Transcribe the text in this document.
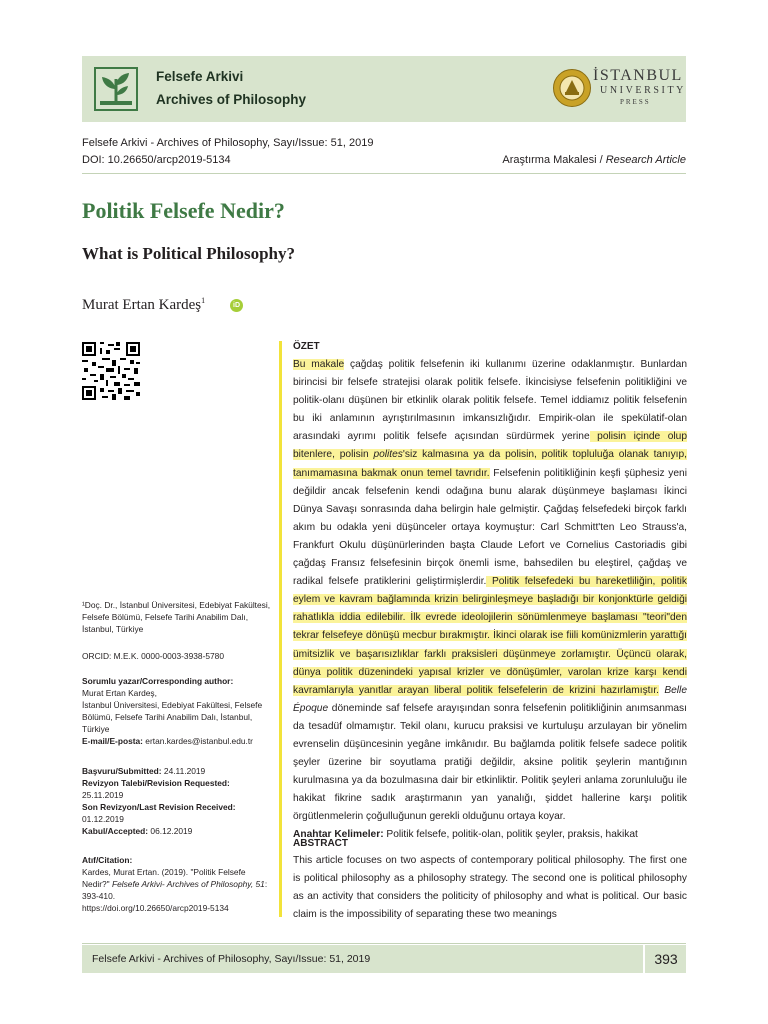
Felsefe Arkivi
Archives of Philosophy
İSTANBUL
UNIVERSITY
PRESS
Felsefe Arkivi - Archives of Philosophy, Sayı/Issue: 51, 2019
DOI: 10.26650/arcp2019-5134	Araştırma Makalesi / Research Article
Politik Felsefe Nedir?
What is Political Philosophy?
Murat Ertan Kardeş$^1$
iD
¹Doç. Dr., İstanbul Üniversitesi, Edebiyat Fakültesi, Felsefe Bölümü, Felsefe Tarihi Anabilim Dalı, İstanbul, Türkiye
ORCID: M.E.K. 0000-0003-3938-5780

Sorumlu yazar/Corresponding author:

Murat Ertan Kardeş,

İstanbul Üniversitesi, Edebiyat Fakültesi, Felsefe Bölümü, Felsefe Tarihi Anabilim Dalı, İstanbul, Türkiye

E-mail/E-posta: ertan.kardes@istanbul.edu.tr

Başvuru/Submitted: 24.11.2019

Revizyon Talebi/Revision Requested:

25.11.2019

Son Revizyon/Last Revision Received:

01.12.2019

Kabul/Accepted: 06.12.2019

Atıf/Citation:

Kardes, Murat Ertan. (2019). "Politik Felsefe Nedir?" Felsefe Arkivi- Archives of Philosophy, 51: 393-410.

https://doi.org/10.26650/arcp2019-5134

ÖZET
Bu makale çağdaş politik felsefenin iki kullanımı üzerine odaklanmıştır. Bunlardan birincisi bir felsefe stratejisi olarak politik felsefe. İkincisiyse felsefenin politikliğini ve politik-olanı düşünen bir etkinlik olarak politik felsefe. Temel iddiamız politik felsefenin bu iki anlamının ayrıştırılmasının imkansızlığıdır. Empirik-olan ile spekülatif-olan arasındaki ayrımı politik felsefe açısından sürdürmek yerine polisin içinde olup bitenlere, polisin polites'siz kalmasına ya da polisin, politik topluluğa olanak tanıyıp, tanımamasına bakmak onun temel tavrıdır. Felsefenin politikliğinin keşfi şüphesiz yeni değildir ancak felsefenin kendi odağına bunu alarak düşünmeye başlaması İkinci Dünya Savaşı sonrasında daha belirgin hale gelmiştir. Çağdaş felsefedeki birçok farklı akım bu odakla yeni düşünceler ortaya koymuştur: Carl Schmitt'ten Leo Strauss'a, Frankfurt Okulu düşünürlerinden başta Claude Lefort ve Cornelius Castoriadis gibi çağdaş Fransız felsefesinin birçok önemli isme, bahsedilen bu eleştirel, çağdaş ve radikal felsefe pratiklerini geliştirmişlerdir. Politik felsefedeki bu hareketliliğin, politik eylem ve kavram bağlamında krizin belirginleşmeye başladığı bir konjonktürle geldiği rahatlıkla iddia edilebilir. İlk evrede ideolojilerin sönümlenmeye başlaması "teori"den tekrar felsefeye dönüşü mecbur bırakmıştır. İkinci olarak ise fiili komünizmlerin yarattığı ümitsizlik ve başarısızlıklar farklı praksisleri düşünmeye zorlamıştır. Üçüncü olarak, dünya politik düzenindeki yapısal krizler ve dönüşümler, varolan krize karşı kendi kavramlarıyla yanıtlar arayan liberal politik felsefelerin de krizini hazırlamıştır. Belle Époque döneminde saf felsefe arayışından sonra felsefenin politikliğinin anımsanması da tesadüf olmamıştır. Tekil olanı, kurucu praksisi ve kurtuluşu arzulayan bir yönelim evrenselin düşüncesinin yegâne imkânıdır. Bu bağlamda politik felsefe sadece politik şeyler üzerine bir soyutlama pratiği değildir, aksine politik şeylerin mantığının kurulmasına ya da bozulmasına dair bir etkinliktir. Politik şeyleri anlama zorunluluğu ile hakikat fikrine sadık araştırmanın yan yanalığı, şiddet hallerine karşı politik örgütlenmelerin çoğulluğunun gerekli olduğunu ortaya koyar.
Anahtar Kelimeler: Politik felsefe, politik-olan, politik şeyler, praksis, hakikat
ABSTRACT
This article focuses on two aspects of contemporary political philosophy. The first one is political philosophy as a philosophy strategy. The second one is political philosophy as an activity that considers the politicity of philosophy and what is political. Our basic claim is the impossibility of separating these two meanings
Felsefe Arkivi - Archives of Philosophy, Sayı/Issue: 51, 2019	393
